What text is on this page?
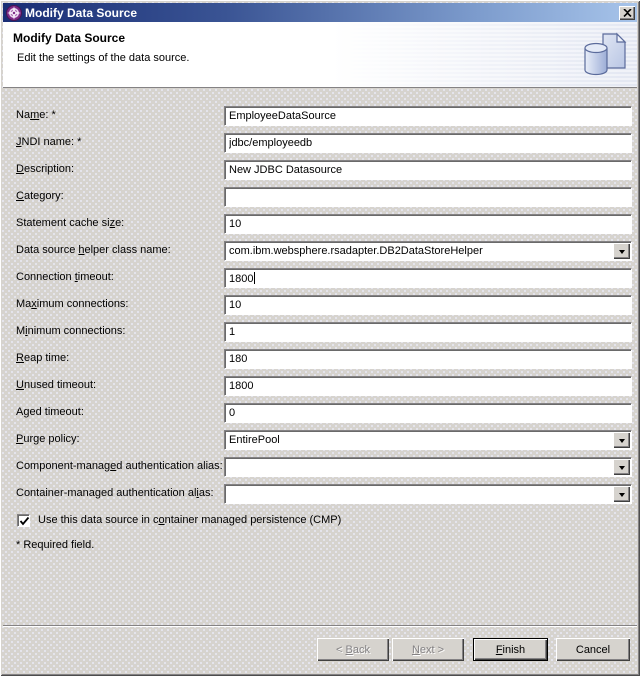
Modify Data Source
Modify Data Source
Edit the settings of the data source.
Name: *	EmployeeDataSource
JNDI name: *	jdbc/employeedb
Description:	New JDBC Datasource
Category:
Statement cache size:	10
Data source helper class name:	com.ibm.websphere.rsadapter.DB2DataStoreHelper
Connection timeout:	1800
Maximum connections:	10
Minimum connections:	1
Reap time:	180
Unused timeout:	1800
Aged timeout:	0
Purge policy:	EntirePool
Component-managed authentication alias:
Container-managed authentication alias:
Use this data source in container managed persistence (CMP)
* Required field.
< Back	Next >	Finish	Cancel
